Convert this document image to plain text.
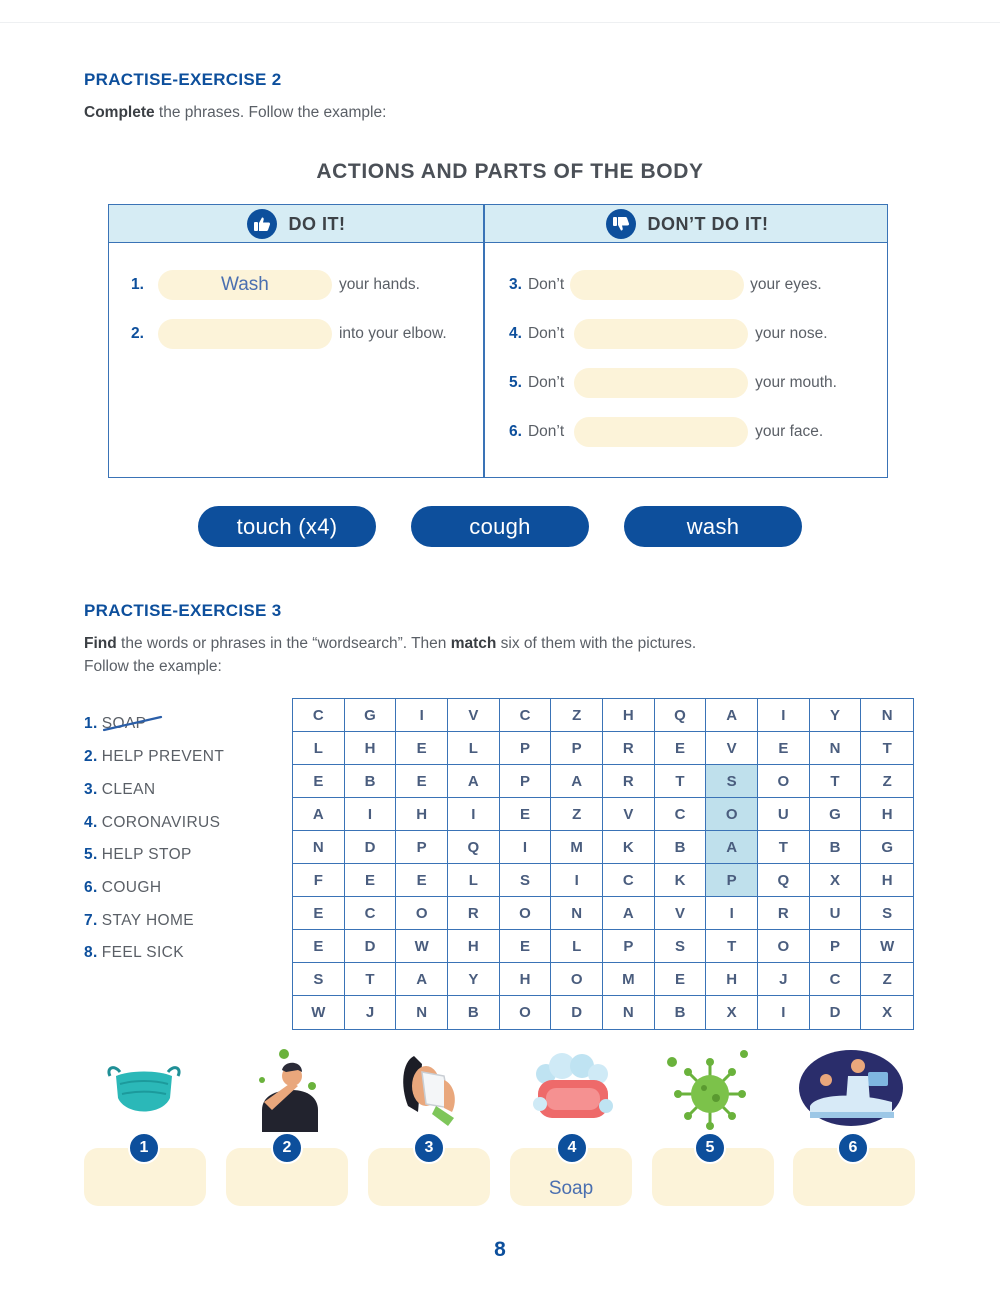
PRACTISE-EXERCISE 2
Complete the phrases. Follow the example:
ACTIONS AND PARTS OF THE BODY
DO IT!	DON’T DO IT!
1.	Wash	your hands.
2.	into your elbow.
3. Don’t	your eyes.
4. Don’t	your nose.
5. Don’t	your mouth.
6. Don’t	your face.
touch (x4)	cough	wash
PRACTISE-EXERCISE 3
Find the words or phrases in the “wordsearch”. Then match six of them with the pictures.
Follow the example:
1. SOAP
2. HELP PREVENT
3. CLEAN
4. CORONAVIRUS
5. HELP STOP
6. COUGH
7. STAY HOME
8. FEEL SICK
C	G	I	V	C	Z	H	Q	A	I	Y	N
L	H	E	L	P	P	R	E	V	E	N	T
E	B	E	A	P	A	R	T	S	O	T	Z
A	I	H	I	E	Z	V	C	O	U	G	H
N	D	P	Q	I	M	K	B	A	T	B	G
F	E	E	L	S	I	C	K	P	Q	X	H
E	C	O	R	O	N	A	V	I	R	U	S
E	D	W	H	E	L	P	S	T	O	P	W
S	T	A	Y	H	O	M	E	H	J	C	Z
W	J	N	B	O	D	N	B	X	I	D	X
Soap
1	2	3	4	5	6
8
